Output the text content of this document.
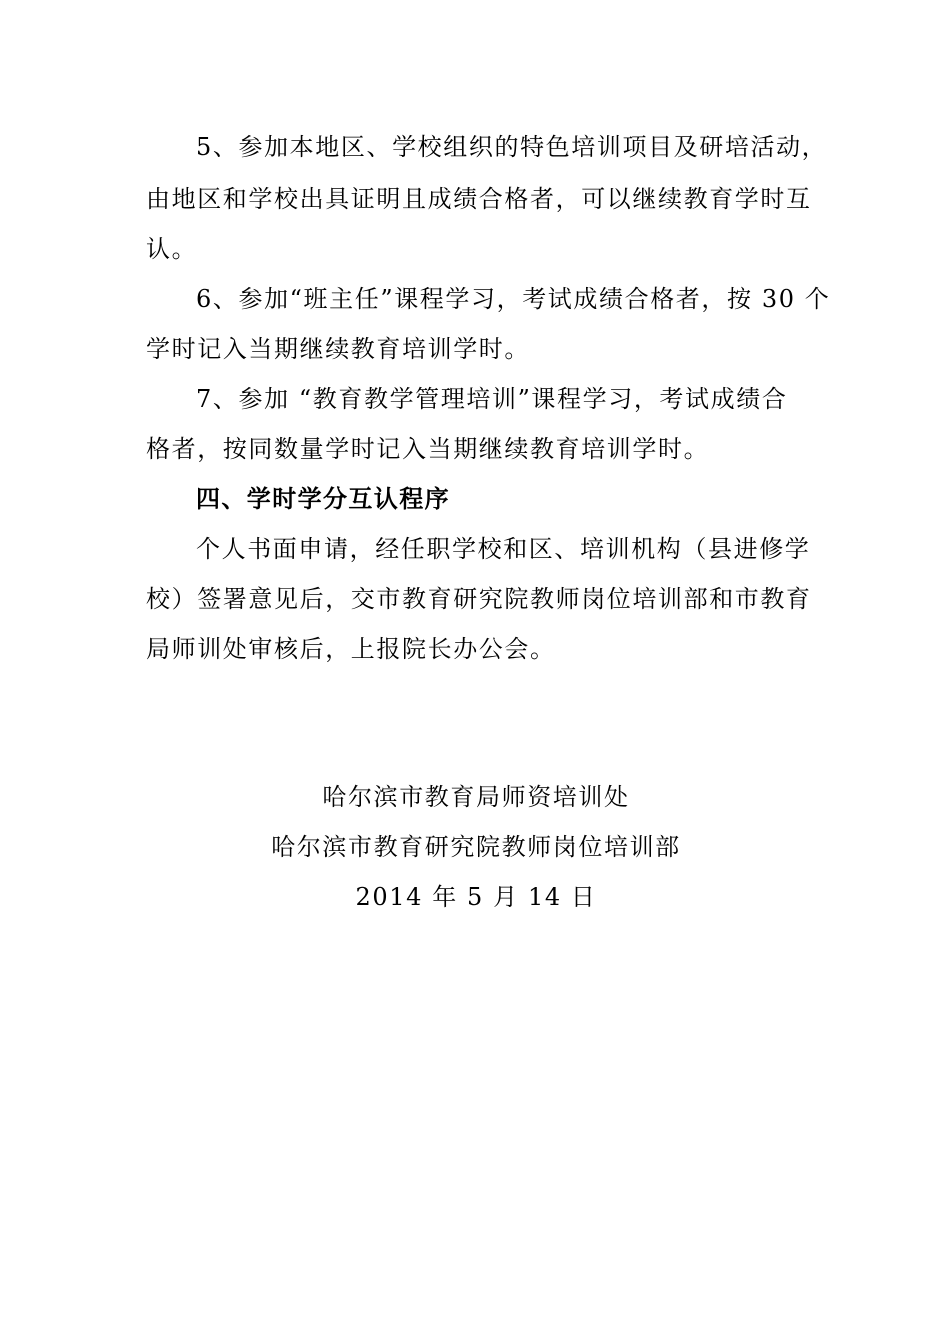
5、参加本地区、学校组织的特色培训项目及研培活动，
由地区和学校出具证明且成绩合格者，可以继续教育学时互
认。
6、参加“班主任”课程学习，考试成绩合格者，按 30 个
学时记入当期继续教育培训学时。
7、参加 “教育教学管理培训”课程学习，考试成绩合
格者，按同数量学时记入当期继续教育培训学时。
四、学时学分互认程序
个人书面申请，经任职学校和区、培训机构（县进修学
校）签署意见后，交市教育研究院教师岗位培训部和市教育
局师训处审核后，上报院长办公会。
哈尔滨市教育局师资培训处
哈尔滨市教育研究院教师岗位培训部
2014 年 5 月 14 日
